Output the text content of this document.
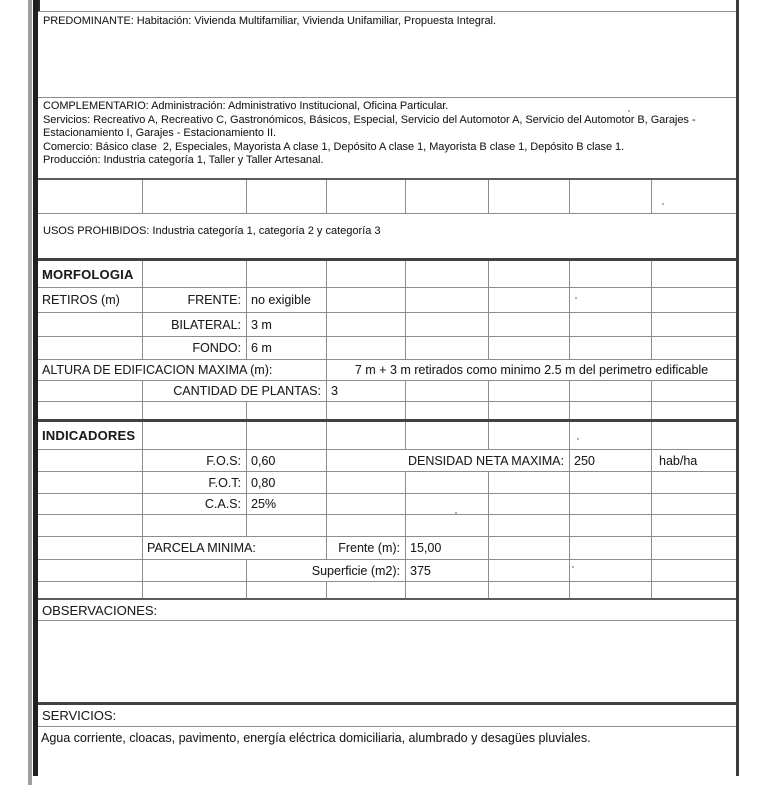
PREDOMINANTE: Habitación: Vivienda Multifamiliar, Vivienda Unifamiliar, Propuesta Integral.
COMPLEMENTARIO: Administración: Administrativo Institucional, Oficina Particular.
Servicios: Recreativo A, Recreativo C, Gastronómicos, Básicos, Especial, Servicio del Automotor A, Servicio del Automotor B, Garajes - Estacionamiento I, Garajes - Estacionamiento II.
Comercio: Básico clase  2, Especiales, Mayorista A clase 1, Depósito A clase 1, Mayorista B clase 1, Depósito B clase 1.
Producción: Industria categoría 1, Taller y Taller Artesanal.
USOS PROHIBIDOS: Industria categoría 1, categoría 2 y categoría 3
MORFOLOGIA
RETIROS (m)	FRENTE: no exigible
BILATERAL: 3 m
FONDO: 6 m
ALTURA DE EDIFICACION MAXIMA (m):	7 m + 3 m retirados como minimo 2.5 m del perimetro edificable
CANTIDAD DE PLANTAS: 3
INDICADORES
F.O.S: 0,60	DENSIDAD NETA MAXIMA: 250	hab/ha
F.O.T: 0,80
C.A.S: 25%
PARCELA MINIMA:	Frente (m): 15,00
Superficie (m2): 375
OBSERVACIONES:
SERVICIOS:
Agua corriente, cloacas, pavimento, energía eléctrica domiciliaria, alumbrado y desagües pluviales.
